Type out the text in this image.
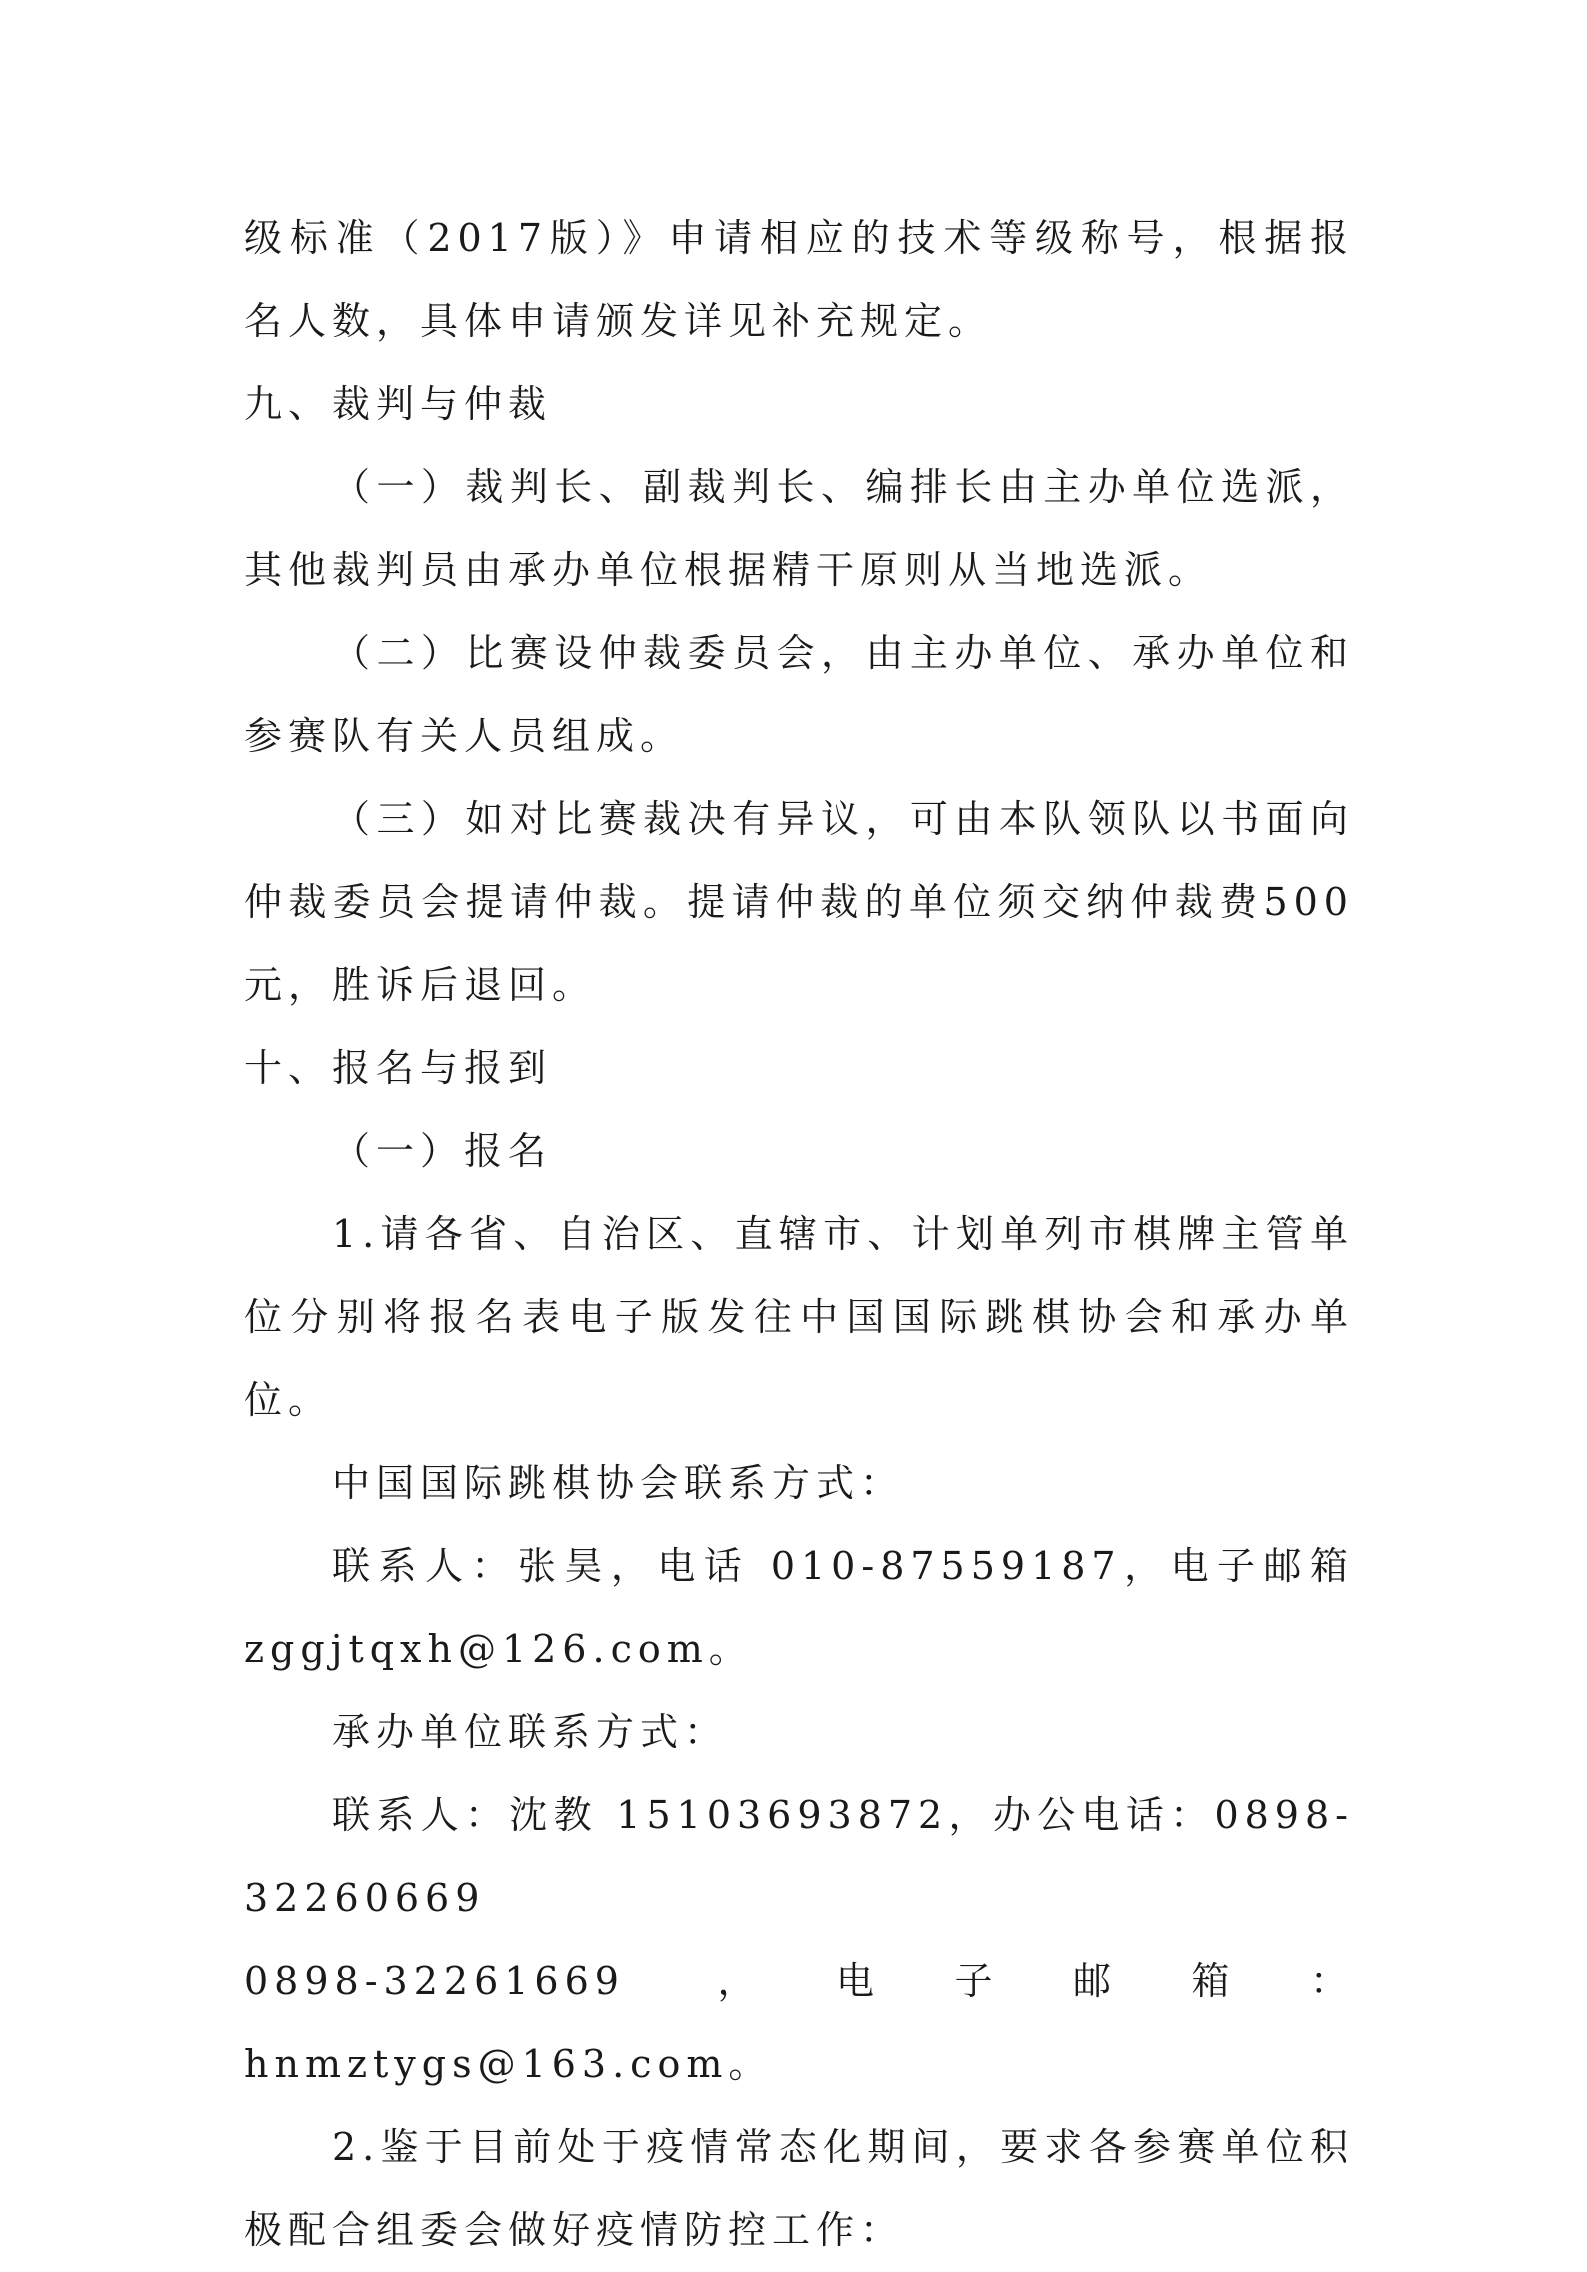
级标准（2017版）》申请相应的技术等级称号，根据报名人数，具体申请颁发详见补充规定。

九、裁判与仲裁

（一）裁判长、副裁判长、编排长由主办单位选派，其他裁判员由承办单位根据精干原则从当地选派。

（二）比赛设仲裁委员会，由主办单位、承办单位和参赛队有关人员组成。

（三）如对比赛裁决有异议，可由本队领队以书面向仲裁委员会提请仲裁。提请仲裁的单位须交纳仲裁费500元，胜诉后退回。

十、报名与报到

（一）报名

1.请各省、自治区、直辖市、计划单列市棋牌主管单位分别将报名表电子版发往中国国际跳棋协会和承办单位。

中国国际跳棋协会联系方式：

联系人：张昊，电话 010-87559187，电子邮箱

zggjtqxh@126.com。

承办单位联系方式：

联系人：沈教 15103693872，办公电话：0898-32260669

0898-32261669 ，电子邮箱：hnmztygs@163.com。

2.鉴于目前处于疫情常态化期间，要求各参赛单位积极配合组委会做好疫情防控工作：
